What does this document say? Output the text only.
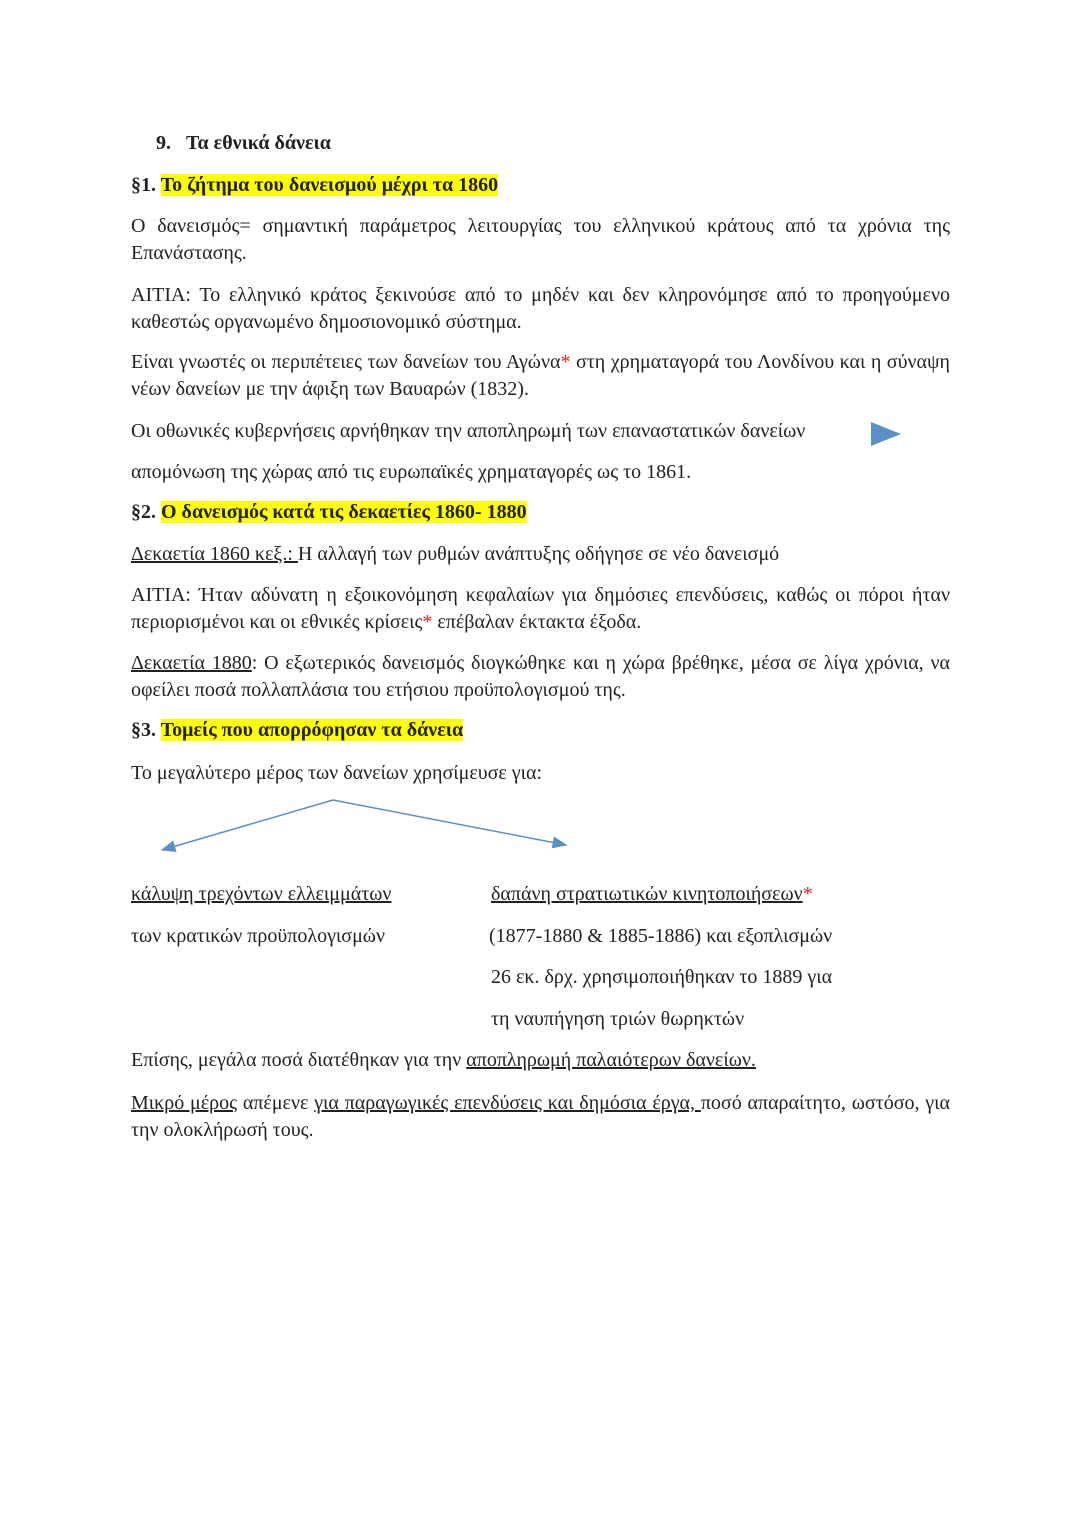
9. Τα εθνικά δάνεια
§1. Το ζήτημα του δανεισμού μέχρι τα 1860
Ο δανεισμός= σημαντική παράμετρος λειτουργίας του ελληνικού κράτους από τα χρόνια της Επανάστασης.
ΑΙΤΙΑ: Το ελληνικό κράτος ξεκινούσε από το μηδέν και δεν κληρονόμησε από το προηγούμενο καθεστώς οργανωμένο δημοσιονομικό σύστημα.
Είναι γνωστές οι περιπέτειες των δανείων του Αγώνα* στη χρηματαγορά του Λονδίνου και η σύναψη νέων δανείων με την άφιξη των Βαυαρών (1832).
Οι οθωνικές κυβερνήσεις αρνήθηκαν την αποπληρωμή των επαναστατικών δανείων
απομόνωση της χώρας από τις ευρωπαϊκές χρηματαγορές ως το 1861.
§2. Ο δανεισμός κατά τις δεκαετίες 1860- 1880
Δεκαετία 1860 κεξ.: Η αλλαγή των ρυθμών ανάπτυξης οδήγησε σε νέο δανεισμό
ΑΙΤΙΑ: Ήταν αδύνατη η εξοικονόμηση κεφαλαίων για δημόσιες επενδύσεις, καθώς οι πόροι ήταν περιορισμένοι και οι εθνικές κρίσεις* επέβαλαν έκτακτα έξοδα.
Δεκαετία 1880: Ο εξωτερικός δανεισμός διογκώθηκε και η χώρα βρέθηκε, μέσα σε λίγα χρόνια, να οφείλει ποσά πολλαπλάσια του ετήσιου προϋπολογισμού της.
§3. Τομείς που απορρόφησαν τα δάνεια
Το μεγαλύτερο μέρος των δανείων χρησίμευσε για:
κάλυψη τρεχόντων ελλειμμάτων
των κρατικών προϋπολογισμών
δαπάνη στρατιωτικών κινητοποιήσεων*
(1877-1880 & 1885-1886) και εξοπλισμών
26 εκ. δρχ. χρησιμοποιήθηκαν το 1889 για
τη ναυπήγηση τριών θωρηκτών
Επίσης, μεγάλα ποσά διατέθηκαν για την αποπληρωμή παλαιότερων δανείων.
Μικρό μέρος απέμενε για παραγωγικές επενδύσεις και δημόσια έργα, ποσό απαραίτητο, ωστόσο, για την ολοκλήρωσή τους.
